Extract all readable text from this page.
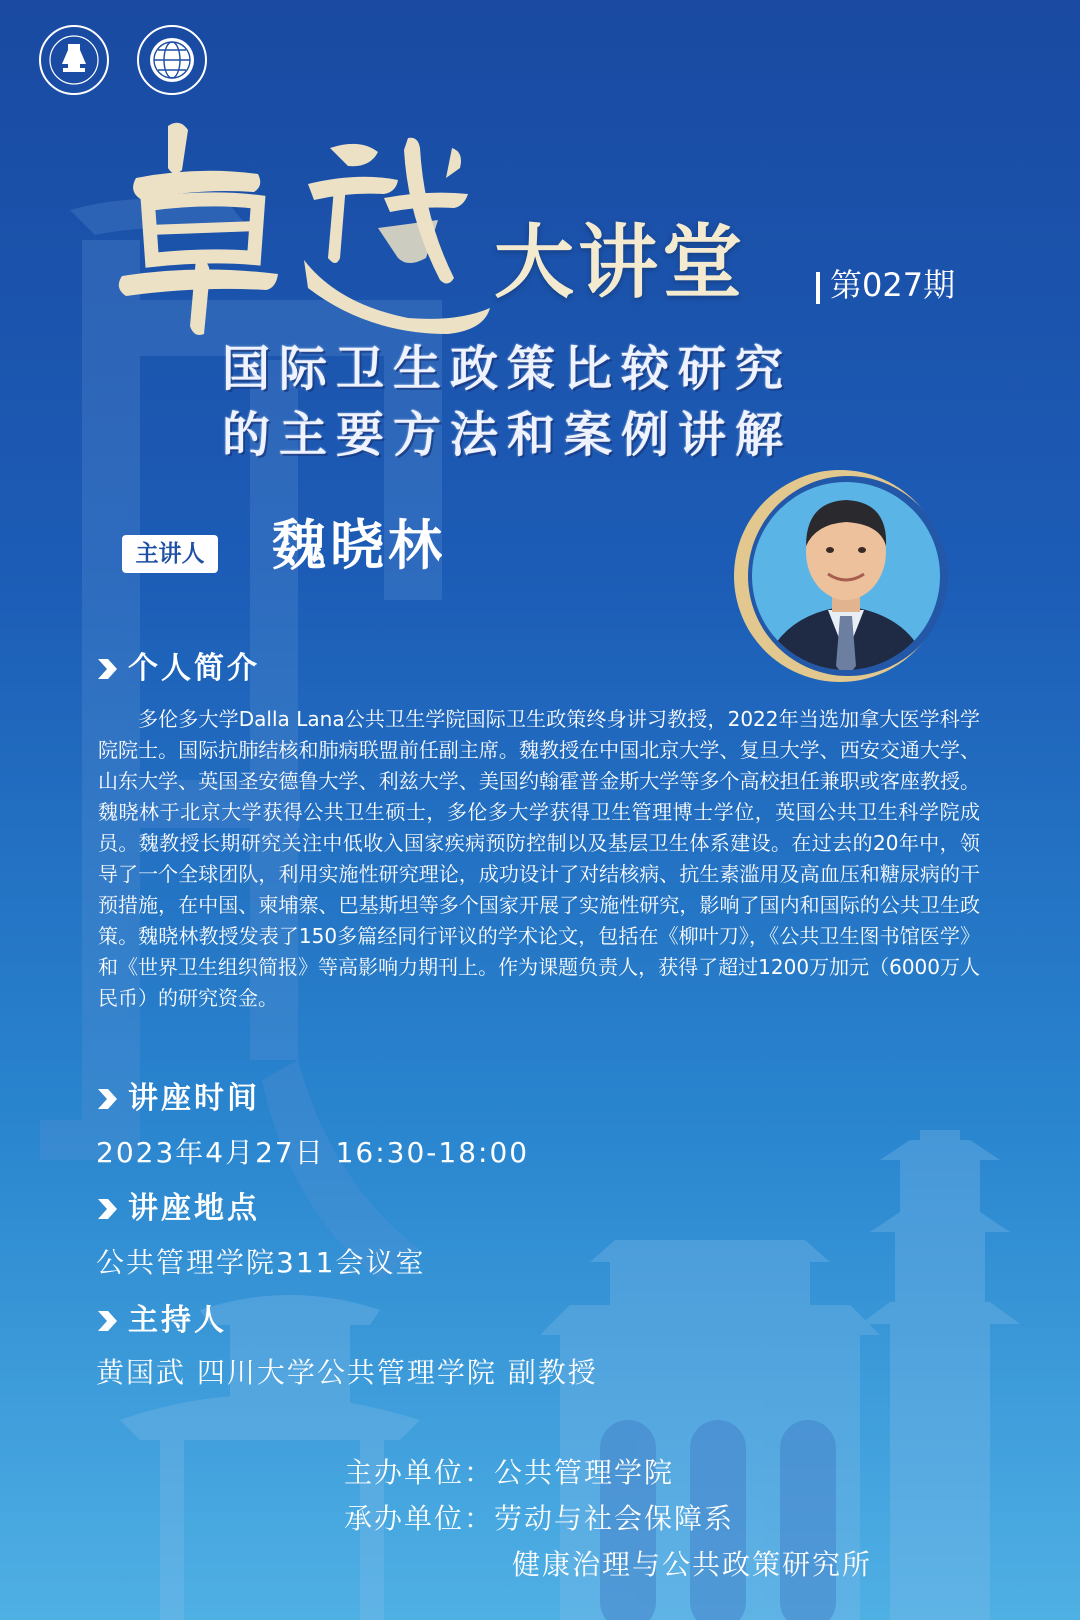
大讲堂	第027期
国际卫生政策比较研究
的主要方法和案例讲解
主讲人 魏晓林
个人简介
多伦多大学Dalla Lana公共卫生学院国际卫生政策终身讲习教授，2022年当选加拿大医学科学院院士。国际抗肺结核和肺病联盟前任副主席。魏教授在中国北京大学、复旦大学、西安交通大学、山东大学、英国圣安德鲁大学、利兹大学、美国约翰霍普金斯大学等多个高校担任兼职或客座教授。魏晓林于北京大学获得公共卫生硕士，多伦多大学获得卫生管理博士学位，英国公共卫生科学院成员。魏教授长期研究关注中低收入国家疾病预防控制以及基层卫生体系建设。在过去的20年中，领导了一个全球团队，利用实施性研究理论，成功设计了对结核病、抗生素滥用及高血压和糖尿病的干预措施，在中国、柬埔寨、巴基斯坦等多个国家开展了实施性研究，影响了国内和国际的公共卫生政策。魏晓林教授发表了150多篇经同行评议的学术论文，包括在《柳叶刀》，《公共卫生图书馆医学》和《世界卫生组织简报》等高影响力期刊上。作为课题负责人，获得了超过1200万加元（6000万人民币）的研究资金。
讲座时间
2023年4月27日 16:30-18:00
讲座地点
公共管理学院311会议室
主持人
黄国武 四川大学公共管理学院 副教授
主办单位：公共管理学院
承办单位：劳动与社会保障系
健康治理与公共政策研究所
